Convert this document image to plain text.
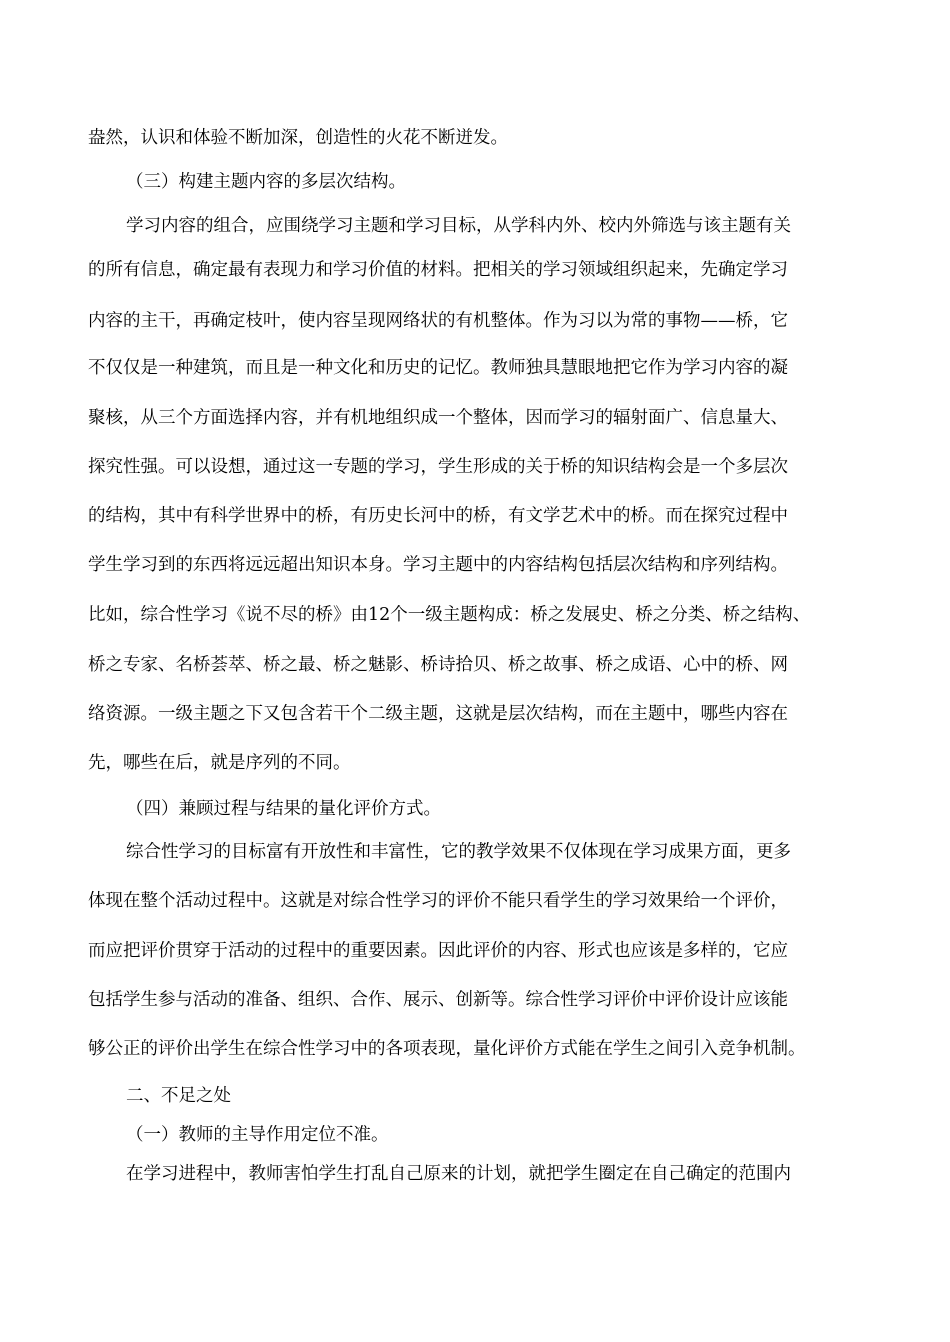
盎然，认识和体验不断加深，创造性的火花不断迸发。
（三）构建主题内容的多层次结构。
学习内容的组合，应围绕学习主题和学习目标，从学科内外、校内外筛选与该主题有关
的所有信息，确定最有表现力和学习价值的材料。把相关的学习领域组织起来，先确定学习
内容的主干，再确定枝叶，使内容呈现网络状的有机整体。作为习以为常的事物——桥，它
不仅仅是一种建筑，而且是一种文化和历史的记忆。教师独具慧眼地把它作为学习内容的凝
聚核，从三个方面选择内容，并有机地组织成一个整体，因而学习的辐射面广、信息量大、
探究性强。可以设想，通过这一专题的学习，学生形成的关于桥的知识结构会是一个多层次
的结构，其中有科学世界中的桥，有历史长河中的桥，有文学艺术中的桥。而在探究过程中
学生学习到的东西将远远超出知识本身。学习主题中的内容结构包括层次结构和序列结构。
比如，综合性学习《说不尽的桥》由12个一级主题构成：桥之发展史、桥之分类、桥之结构、
桥之专家、名桥荟萃、桥之最、桥之魅影、桥诗拾贝、桥之故事、桥之成语、心中的桥、网
络资源。一级主题之下又包含若干个二级主题，这就是层次结构，而在主题中，哪些内容在
先，哪些在后，就是序列的不同。
（四）兼顾过程与结果的量化评价方式。
综合性学习的目标富有开放性和丰富性，它的教学效果不仅体现在学习成果方面，更多
体现在整个活动过程中。这就是对综合性学习的评价不能只看学生的学习效果给一个评价，
而应把评价贯穿于活动的过程中的重要因素。因此评价的内容、形式也应该是多样的，它应
包括学生参与活动的准备、组织、合作、展示、创新等。综合性学习评价中评价设计应该能
够公正的评价出学生在综合性学习中的各项表现，量化评价方式能在学生之间引入竞争机制。
二、不足之处
（一）教师的主导作用定位不准。
在学习进程中，教师害怕学生打乱自己原来的计划，就把学生圈定在自己确定的范围内
